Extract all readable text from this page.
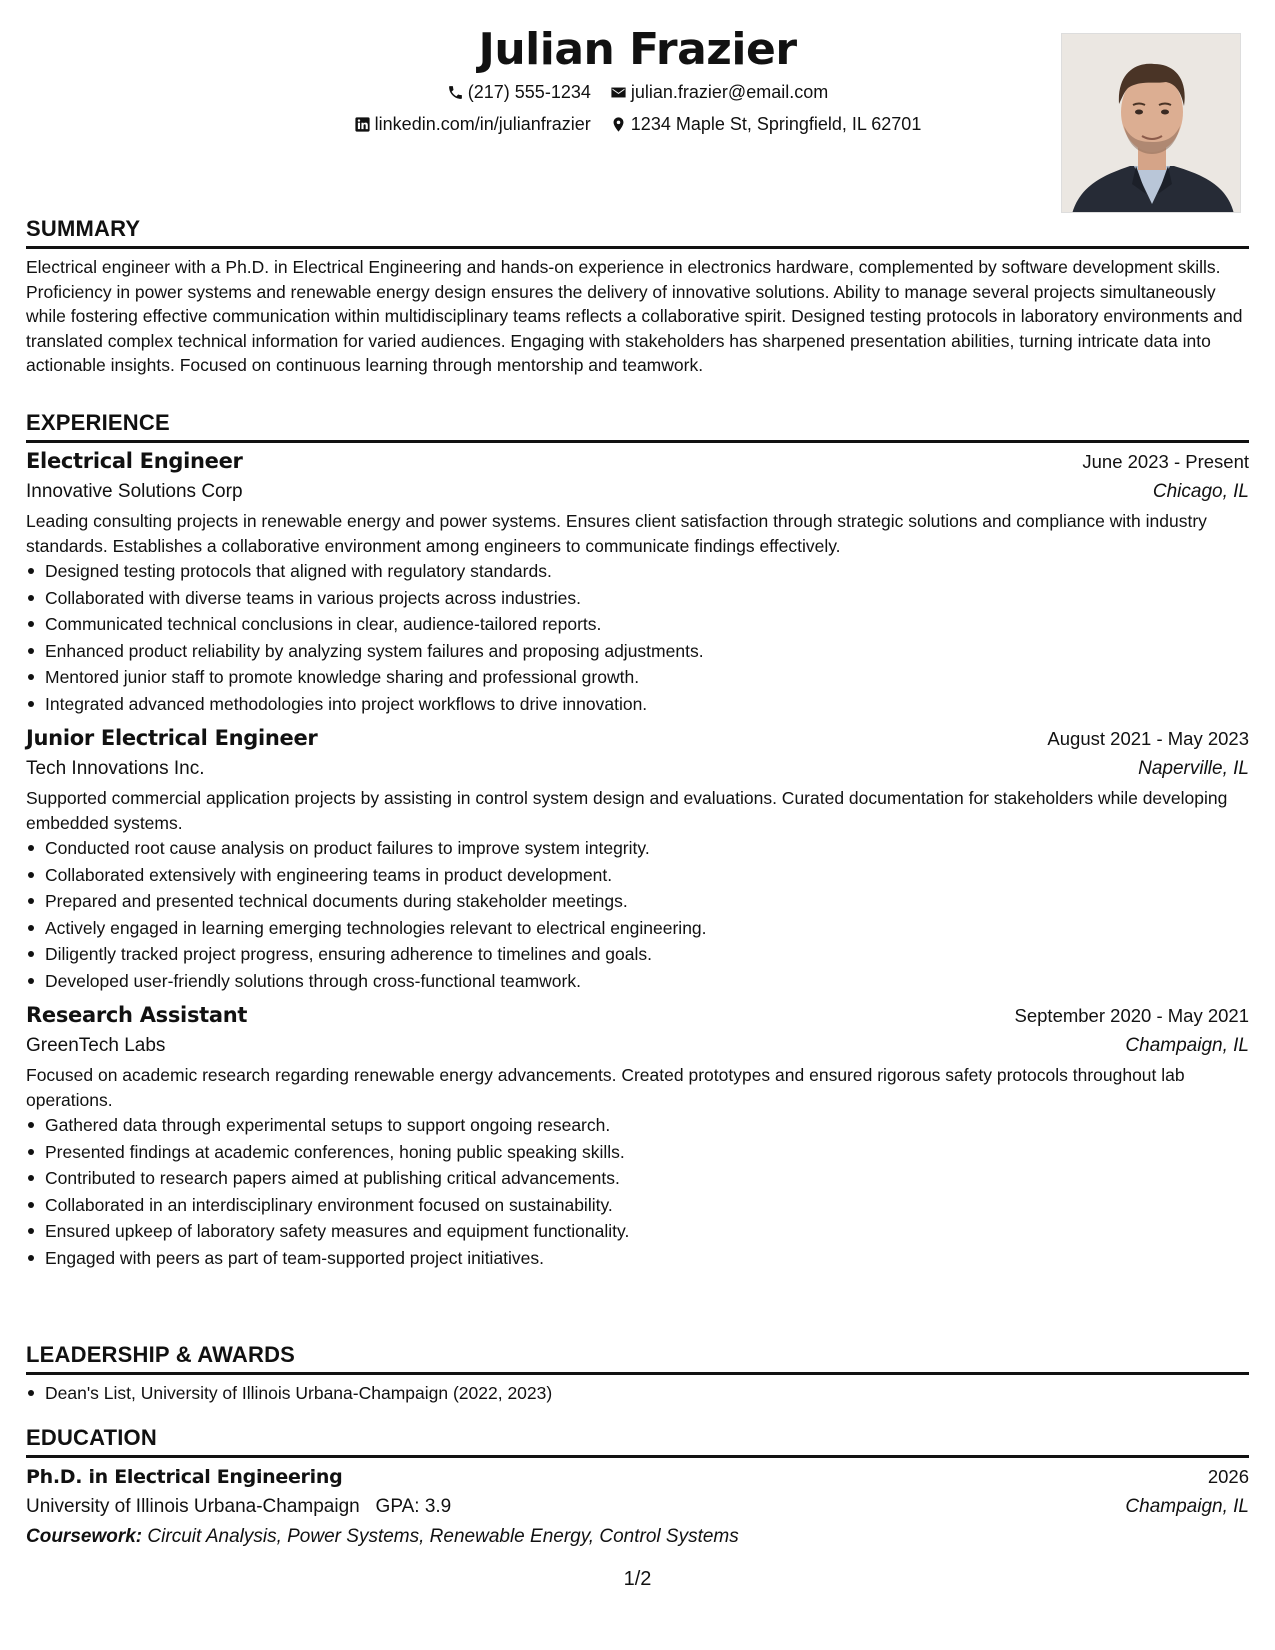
Julian Frazier
(217) 555-1234
julian.frazier@email.com
linkedin.com/in/julianfrazier
1234 Maple St, Springfield, IL 62701
SUMMARY

Electrical engineer with a Ph.D. in Electrical Engineering and hands-on experience in electronics hardware, complemented by software development skills. Proficiency in power systems and renewable energy design ensures the delivery of innovative solutions. Ability to manage several projects simultaneously while fostering effective communication within multidisciplinary teams reflects a collaborative spirit. Designed testing protocols in laboratory environments and translated complex technical information for varied audiences. Engaging with stakeholders has sharpened presentation abilities, turning intricate data into actionable insights. Focused on continuous learning through mentorship and teamwork.

EXPERIENCE
Electrical Engineer	June 2023 - Present
Innovative Solutions Corp	Chicago, IL

Leading consulting projects in renewable energy and power systems. Ensures client satisfaction through strategic solutions and compliance with industry standards. Establishes a collaborative environment among engineers to communicate findings effectively.

Designed testing protocols that aligned with regulatory standards.
Collaborated with diverse teams in various projects across industries.
Communicated technical conclusions in clear, audience-tailored reports.
Enhanced product reliability by analyzing system failures and proposing adjustments.
Mentored junior staff to promote knowledge sharing and professional growth.
Integrated advanced methodologies into project workflows to drive innovation.
Junior Electrical Engineer	August 2021 - May 2023
Tech Innovations Inc.	Naperville, IL

Supported commercial application projects by assisting in control system design and evaluations. Curated documentation for stakeholders while developing embedded systems.

Conducted root cause analysis on product failures to improve system integrity.
Collaborated extensively with engineering teams in product development.
Prepared and presented technical documents during stakeholder meetings.
Actively engaged in learning emerging technologies relevant to electrical engineering.
Diligently tracked project progress, ensuring adherence to timelines and goals.
Developed user-friendly solutions through cross-functional teamwork.
Research Assistant	September 2020 - May 2021
GreenTech Labs	Champaign, IL

Focused on academic research regarding renewable energy advancements. Created prototypes and ensured rigorous safety protocols throughout lab operations.

Gathered data through experimental setups to support ongoing research.
Presented findings at academic conferences, honing public speaking skills.
Contributed to research papers aimed at publishing critical advancements.
Collaborated in an interdisciplinary environment focused on sustainability.
Ensured upkeep of laboratory safety measures and equipment functionality.
Engaged with peers as part of team-supported project initiatives.
LEADERSHIP & AWARDS
Dean's List, University of Illinois Urbana-Champaign (2022, 2023)
EDUCATION
Ph.D. in Electrical Engineering	2026
University of Illinois Urbana-Champaign GPA: 3.9	Champaign, IL
Coursework: Circuit Analysis, Power Systems, Renewable Energy, Control Systems
1/2
